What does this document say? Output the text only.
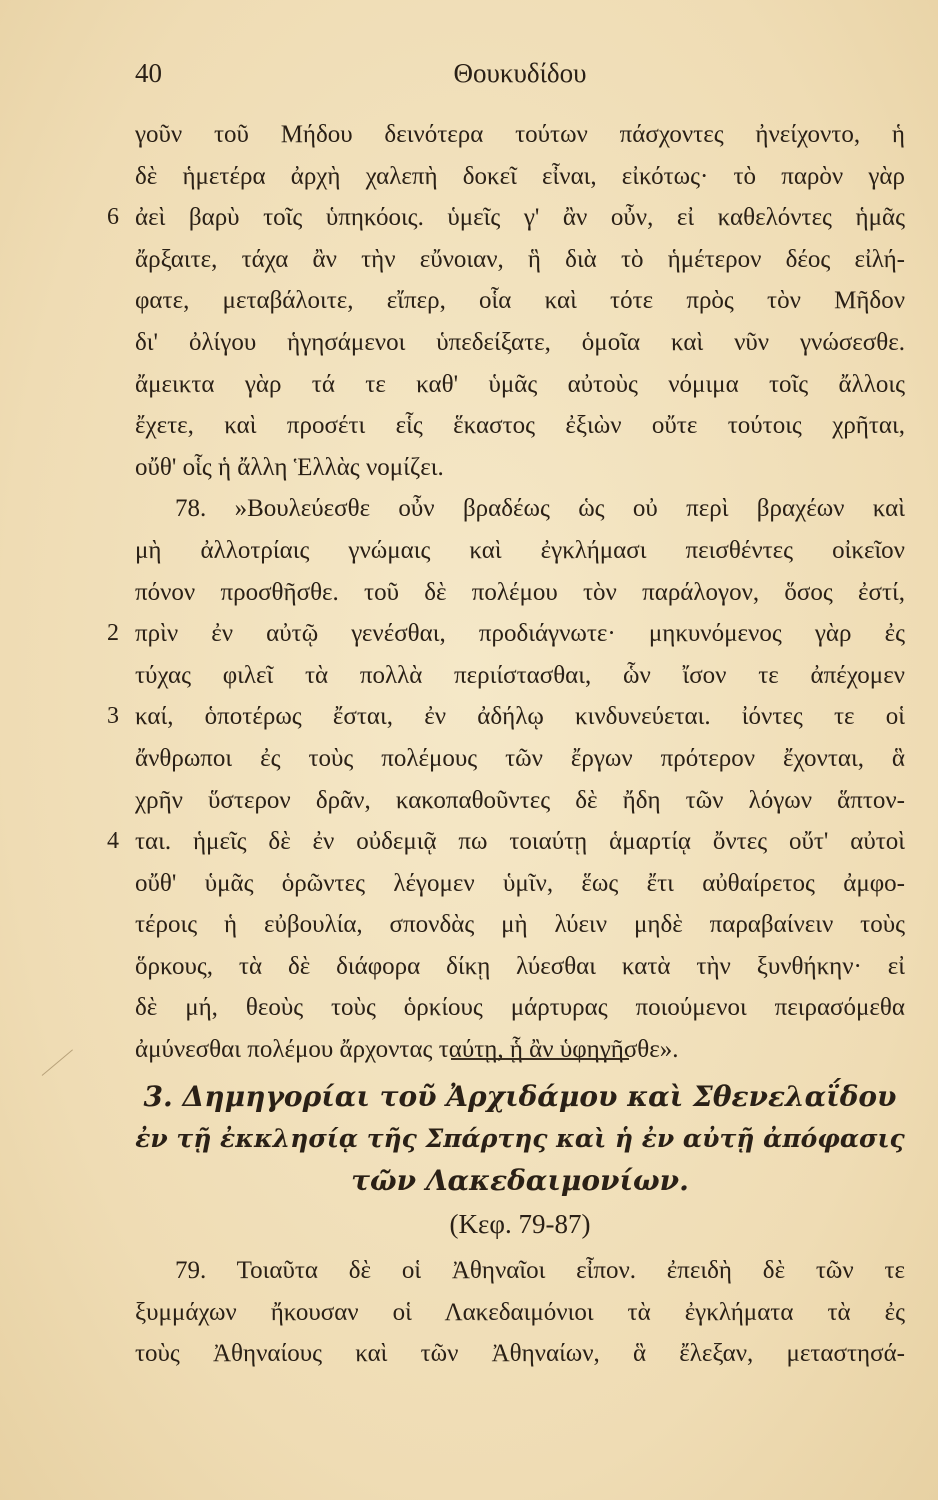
40	Θουκυδίδου
γοῦν τοῦ Μήδου δεινότερα τούτων πάσχοντες ἠνείχοντο, ἡ
δὲ ἡμετέρα ἀρχὴ χαλεπὴ δοκεῖ εἶναι, εἰκότως· τὸ παρὸν γὰρ
6 ἀεὶ βαρὺ τοῖς ὑπηκόοις. ὑμεῖς γ' ἂν οὖν, εἰ καθελόντες ἡμᾶς
ἄρξαιτε, τάχα ἂν τὴν εὔνοιαν, ἣ διὰ τὸ ἡμέτερον δέος εἰλή-
φατε, μεταβάλοιτε, εἴπερ, οἷα καὶ τότε πρὸς τὸν Μῆδον
δι' ὀλίγου ἡγησάμενοι ὑπεδείξατε, ὁμοῖα καὶ νῦν γνώσεσθε.
ἄμεικτα γὰρ τά τε καθ' ὑμᾶς αὐτοὺς νόμιμα τοῖς ἄλλοις
ἔχετε, καὶ προσέτι εἷς ἕκαστος ἐξιὼν οὔτε τούτοις χρῆται,
οὔθ' οἷς ἡ ἄλλη Ἑλλὰς νομίζει.
78. »Βουλεύεσθε οὖν βραδέως ὡς οὐ περὶ βραχέων καὶ
μὴ ἀλλοτρίαις γνώμαις καὶ ἐγκλήμασι πεισθέντες οἰκεῖον
πόνον προσθῆσθε. τοῦ δὲ πολέμου τὸν παράλογον, ὅσος ἐστί,
2 πρὶν ἐν αὐτῷ γενέσθαι, προδιάγνωτε· μηκυνόμενος γὰρ ἐς
τύχας φιλεῖ τὰ πολλὰ περιίστασθαι, ὧν ἴσον τε ἀπέχομεν
3 καί, ὁποτέρως ἔσται, ἐν ἀδήλῳ κινδυνεύεται. ἰόντες τε οἱ
ἄνθρωποι ἐς τοὺς πολέμους τῶν ἔργων πρότερον ἔχονται, ἃ
χρῆν ὕστερον δρᾶν, κακοπαθοῦντες δὲ ἤδη τῶν λόγων ἅπτον-
4 ται. ἡμεῖς δὲ ἐν οὐδεμιᾷ πω τοιαύτῃ ἁμαρτίᾳ ὄντες οὔτ' αὐτοὶ
οὔθ' ὑμᾶς ὁρῶντες λέγομεν ὑμῖν, ἕως ἔτι αὐθαίρετος ἀμφο-
τέροις ἡ εὐβουλία, σπονδὰς μὴ λύειν μηδὲ παραβαίνειν τοὺς
ὅρκους, τὰ δὲ διάφορα δίκῃ λύεσθαι κατὰ τὴν ξυνθήκην· εἰ
δὲ μή, θεοὺς τοὺς ὁρκίους μάρτυρας ποιούμενοι πειρασόμεθα
ἀμύνεσθαι πολέμου ἄρχοντας ταύτῃ, ᾗ ἂν ὑφηγῆσθε».
3. Δημηγορίαι τοῦ Ἀρχιδάμου καὶ Σθενελαΐδου
ἐν τῇ ἐκκλησίᾳ τῆς Σπάρτης καὶ ἡ ἐν αὐτῇ ἀπόφασις
τῶν Λακεδαιμονίων.
(Κεφ. 79-87)
79. Τοιαῦτα δὲ οἱ Ἀθηναῖοι εἶπον. ἐπειδὴ δὲ τῶν τε
ξυμμάχων ἤκουσαν οἱ Λακεδαιμόνιοι τὰ ἐγκλήματα τὰ ἐς
τοὺς Ἀθηναίους καὶ τῶν Ἀθηναίων, ἃ ἔλεξαν, μεταστησά-
